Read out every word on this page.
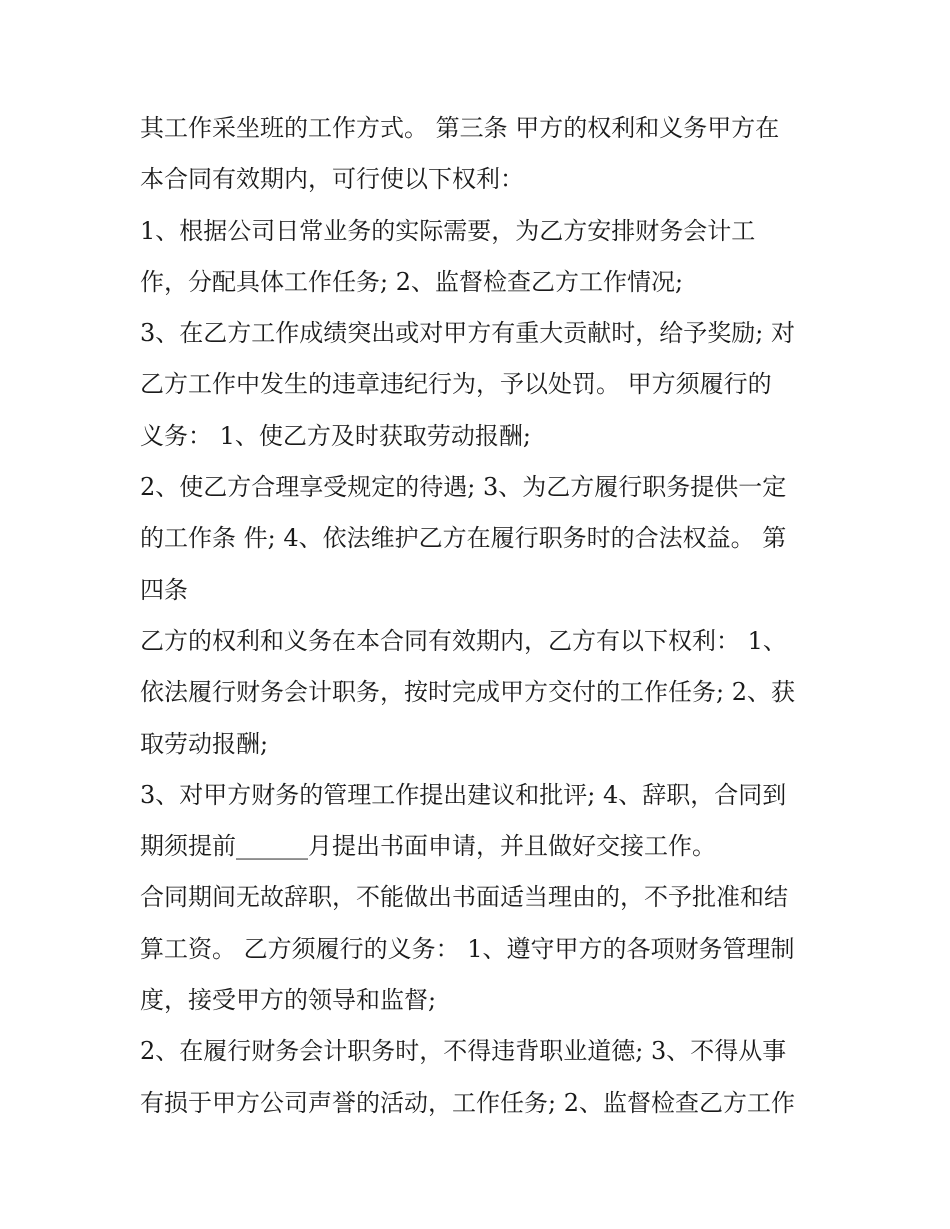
其工作采坐班的工作方式。 第三条 甲方的权利和义务甲方在
本合同有效期内，可行使以下权利：
1、根据公司日常业务的实际需要，为乙方安排财务会计工
作，分配具体工作任务; 2、监督检查乙方工作情况;
3、在乙方工作成绩突出或对甲方有重大贡献时，给予奖励; 对
乙方工作中发生的违章违纪行为，予以处罚。 甲方须履行的
义务： 1、使乙方及时获取劳动报酬;
2、使乙方合理享受规定的待遇; 3、为乙方履行职务提供一定
的工作条 件; 4、依法维护乙方在履行职务时的合法权益。 第
四条
乙方的权利和义务在本合同有效期内，乙方有以下权利： 1、
依法履行财务会计职务，按时完成甲方交付的工作任务; 2、获
取劳动报酬;
3、对甲方财务的管理工作提出建议和批评; 4、辞职，合同到
期须提前______月提出书面申请，并且做好交接工作。
合同期间无故辞职，不能做出书面适当理由的，不予批准和结
算工资。 乙方须履行的义务： 1、遵守甲方的各项财务管理制
度，接受甲方的领导和监督;
2、在履行财务会计职务时，不得违背职业道德; 3、不得从事
有损于甲方公司声誉的活动，工作任务; 2、监督检查乙方工作
